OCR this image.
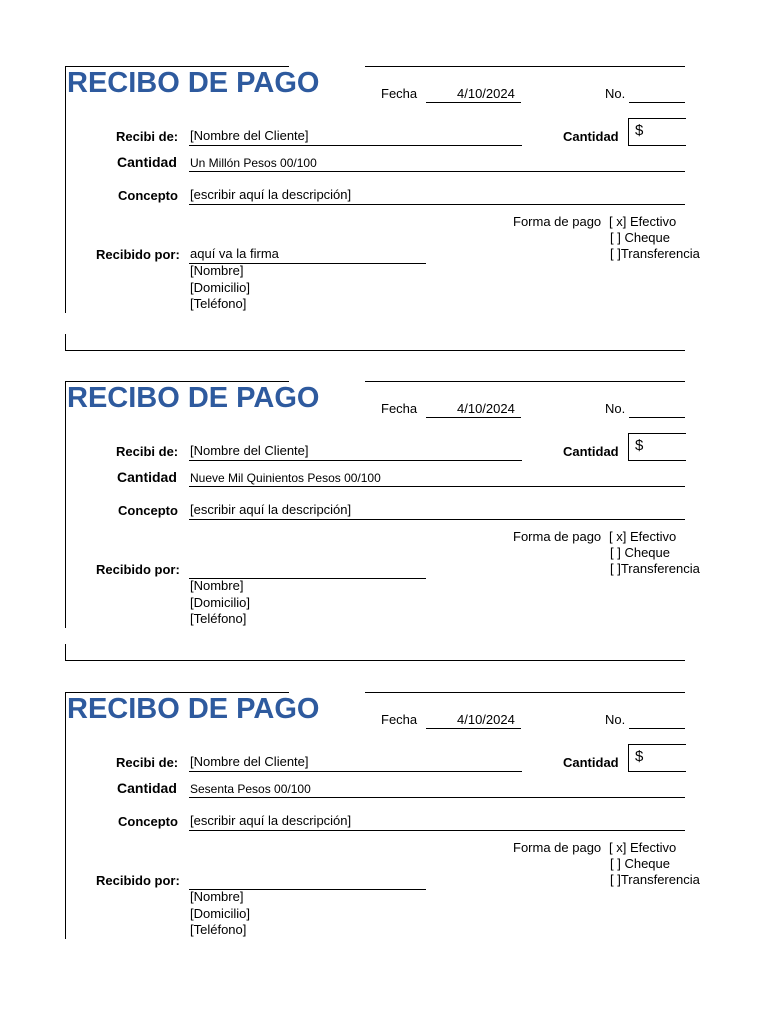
RECIBO DE PAGO	Fecha	4/10/2024	No.
Recibi de: [Nombre del Cliente]	Cantidad $
Cantidad Un Millón Pesos 00/100
Concepto [escribir aquí la descripción]
Forma de pago [ x] Efectivo
[ ] Cheque
[ ]Transferencia
Recibido por: aquí va la firma
[Nombre]
[Domicilio]
[Teléfono]
RECIBO DE PAGO	Fecha	4/10/2024	No.
Recibi de: [Nombre del Cliente]	Cantidad $
Cantidad Nueve Mil Quinientos Pesos 00/100
Concepto [escribir aquí la descripción]
Forma de pago [ x] Efectivo
[ ] Cheque
[ ]Transferencia
Recibido por:
[Nombre]
[Domicilio]
[Teléfono]
RECIBO DE PAGO	Fecha	4/10/2024	No.
Recibi de: [Nombre del Cliente]	Cantidad $
Cantidad Sesenta Pesos 00/100
Concepto [escribir aquí la descripción]
Forma de pago [ x] Efectivo
[ ] Cheque
[ ]Transferencia
Recibido por:
[Nombre]
[Domicilio]
[Teléfono]
